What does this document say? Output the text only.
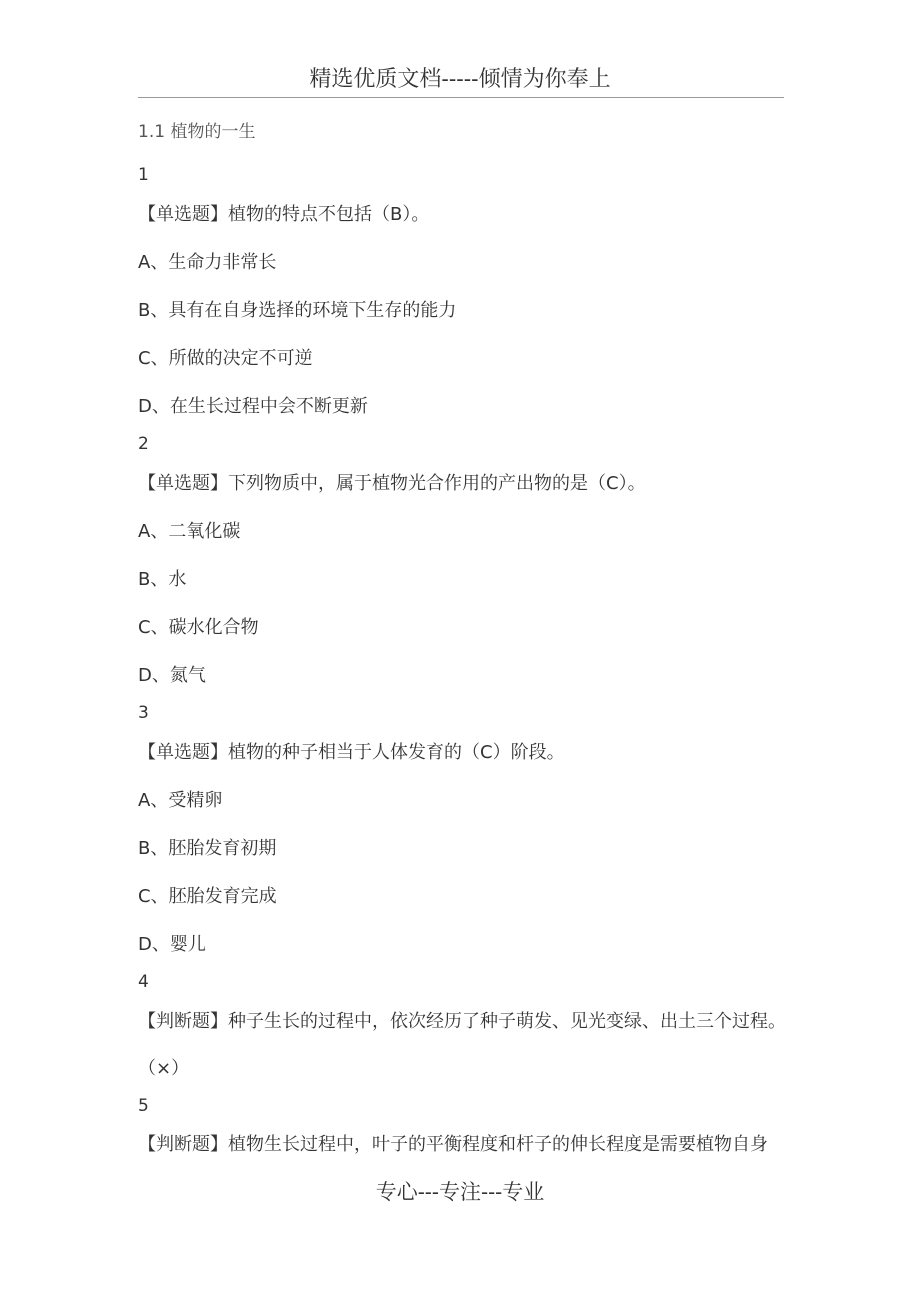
精选优质文档-----倾情为你奉上
1.1 植物的一生
1
【单选题】植物的特点不包括（B）。
A、生命力非常长
B、具有在自身选择的环境下生存的能力
C、所做的决定不可逆
D、在生长过程中会不断更新
2
【单选题】下列物质中，属于植物光合作用的产出物的是（C）。
A、二氧化碳
B、水
C、碳水化合物
D、氮气
3
【单选题】植物的种子相当于人体发育的（C）阶段。
A、受精卵
B、胚胎发育初期
C、胚胎发育完成
D、婴儿
4
【判断题】种子生长的过程中，依次经历了种子萌发、见光变绿、出土三个过程。
（×）
5
【判断题】植物生长过程中，叶子的平衡程度和杆子的伸长程度是需要植物自身
专心---专注---专业
